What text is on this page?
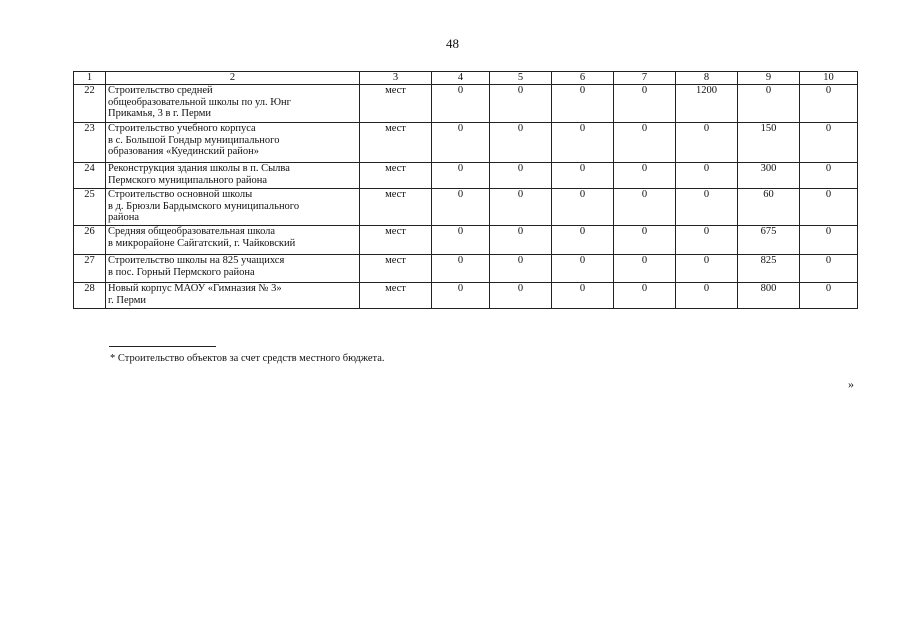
48
1	2	3	4	5	6	7	8	9	10
22	Строительство средней
общеобразовательной школы по ул. Юнг
Прикамья, 3 в г. Перми	мест	0	0	0	0	1200	0	0
23	Строительство учебного корпуса
в с. Большой Гондыр муниципального
образования «Куединский район»	мест	0	0	0	0	0	150	0
24	Реконструкция здания школы в п. Сылва
Пермского муниципального района	мест	0	0	0	0	0	300	0
25	Строительство основной школы
в д. Брюзли Бардымского муниципального
района	мест	0	0	0	0	0	60	0
26	Средняя общеобразовательная школа
в микрорайоне Сайгатский, г. Чайковский	мест	0	0	0	0	0	675	0
27	Строительство школы на 825 учащихся
в пос. Горный Пермского района	мест	0	0	0	0	0	825	0
28	Новый корпус МАОУ «Гимназия № 3»
г. Перми	мест	0	0	0	0	0	800	0
* Строительство объектов за счет средств местного бюджета.
»
